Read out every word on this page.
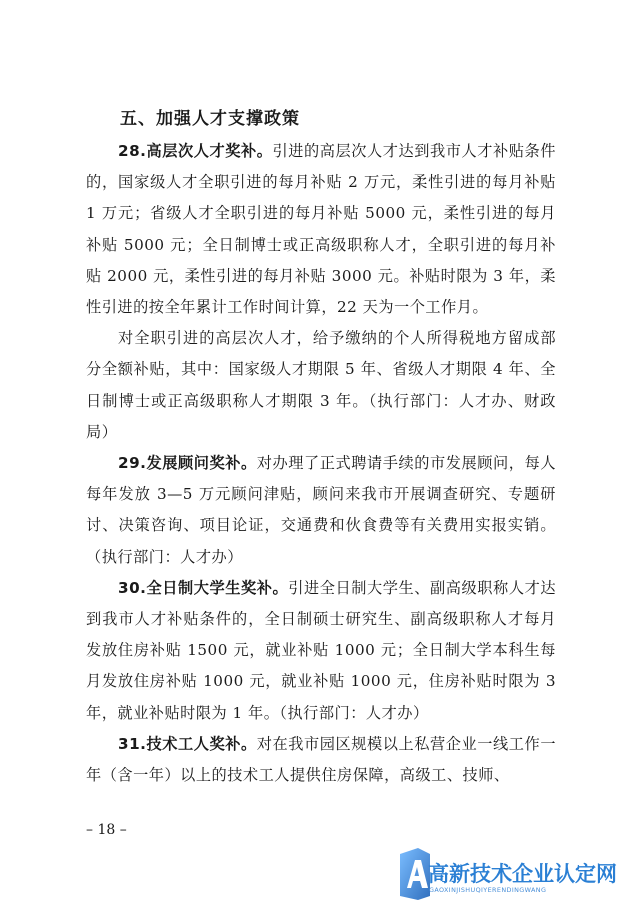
五、加强人才支撑政策

28.高层次人才奖补。引进的高层次人才达到我市人才补贴条件的，国家级人才全职引进的每月补贴 2 万元，柔性引进的每月补贴 1 万元；省级人才全职引进的每月补贴 5000 元，柔性引进的每月补贴 5000 元；全日制博士或正高级职称人才，全职引进的每月补贴 2000 元，柔性引进的每月补贴 3000 元。补贴时限为 3 年，柔性引进的按全年累计工作时间计算，22 天为一个工作月。

对全职引进的高层次人才，给予缴纳的个人所得税地方留成部分全额补贴，其中：国家级人才期限 5 年、省级人才期限 4 年、全日制博士或正高级职称人才期限 3 年。（执行部门：人才办、财政局）

29.发展顾问奖补。对办理了正式聘请手续的市发展顾问，每人每年发放 3—5 万元顾问津贴，顾问来我市开展调查研究、专题研讨、决策咨询、项目论证，交通费和伙食费等有关费用实报实销。（执行部门：人才办）

30.全日制大学生奖补。引进全日制大学生、副高级职称人才达到我市人才补贴条件的，全日制硕士研究生、副高级职称人才每月发放住房补贴 1500 元，就业补贴 1000 元；全日制大学本科生每月发放住房补贴 1000 元，就业补贴 1000 元，住房补贴时限为 3 年，就业补贴时限为 1 年。（执行部门：人才办）

31.技术工人奖补。对在我市园区规模以上私营企业一线工作一年（含一年）以上的技术工人提供住房保障，高级工、技师、

– 18 –
高新技术企业认定网
GAOXINJISHUQIYERENDINGWANG
